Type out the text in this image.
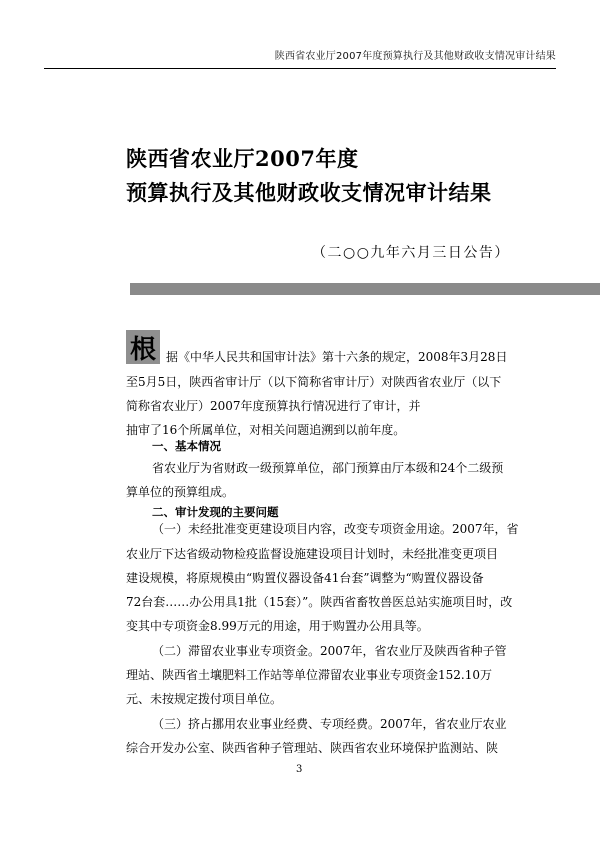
陕西省农业厅2007年度预算执行及其他财政收支情况审计结果
陕西省农业厅2007年度
预算执行及其他财政收支情况审计结果
（二○○九年六月三日公告）
根 据《中华人民共和国审计法》第十六条的规定，2008年3月28日
至5月5日，陕西省审计厅（以下简称省审计厅）对陕西省农业厅（以下
简称省农业厅）2007年度预算执行情况进行了审计，并
抽审了16个所属单位，对相关问题追溯到以前年度。
一、基本情况
省农业厅为省财政一级预算单位，部门预算由厅本级和24个二级预
算单位的预算组成。
二、审计发现的主要问题
（一）未经批准变更建设项目内容，改变专项资金用途。2007年，省
农业厅下达省级动物检疫监督设施建设项目计划时，未经批准变更项目
建设规模，将原规模由“购置仪器设备41台套”调整为“购置仪器设备
72台套……办公用具1批（15套）”。陕西省畜牧兽医总站实施项目时，改
变其中专项资金8.99万元的用途，用于购置办公用具等。
（二）滞留农业事业专项资金。2007年，省农业厅及陕西省种子管
理站、陕西省土壤肥料工作站等单位滞留农业事业专项资金152.10万
元、未按规定拨付项目单位。
（三）挤占挪用农业事业经费、专项经费。2007年，省农业厅农业
综合开发办公室、陕西省种子管理站、陕西省农业环境保护监测站、陕
3
